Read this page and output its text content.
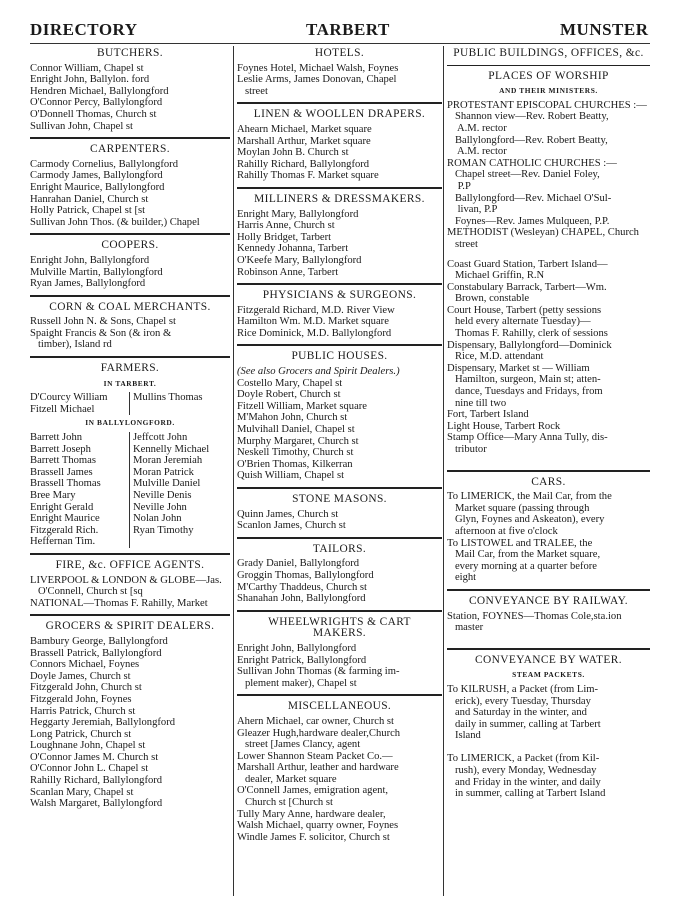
DIRECTORY	TARBERT	MUNSTER
BUTCHERS.
Connor William, Chapel st
Enright John, Ballylon. ford
Hendren Michael, Ballylongford
O'Connor Percy, Ballylongford
O'Donnell Thomas, Church st
Sullivan John, Chapel st
CARPENTERS.
Carmody Cornelius, Ballylongford
Carmody James, Ballylongford
Enright Maurice, Ballylongford
Hanrahan Daniel, Church st
Holly Patrick, Chapel st [st
Sullivan John Thos. (& builder,) Chapel
COOPERS.
Enright John, Ballylongford
Mulville Martin, Ballylongford
Ryan James, Ballylongford
CORN & COAL MERCHANTS.
Russell John N. & Sons, Chapel st
Spaight Francis & Son (& iron &
timber), Island rd
FARMERS.
IN TARBERT.
D'Courcy William
Fitzell Michael
Mullins Thomas
IN BALLYLONGFORD.
Barrett John
Barrett Joseph
Barrett Thomas
Brassell James
Brassell Thomas
Bree Mary
Enright Gerald
Enright Maurice
Fitzgerald Rich.
Heffernan Tim.
Jeffcott John
Kennelly Michael
Moran Jeremiah
Moran Patrick
Mulville Daniel
Neville Denis
Neville John
Nolan John
Ryan Timothy
FIRE, &c. OFFICE AGENTS.
LIVERPOOL & LONDON & GLOBE—Jas.
O'Connell, Church st [sq
NATIONAL—Thomas F. Rahilly, Market
GROCERS & SPIRIT DEALERS.
Bambury George, Ballylongford
Brassell Patrick, Ballylongford
Connors Michael, Foynes
Doyle James, Church st
Fitzgerald John, Church st
Fitzgerald John, Foynes
Harris Patrick, Church st
Heggarty Jeremiah, Ballylongford
Long Patrick, Church st
Loughnane John, Chapel st
O'Connor James M. Church st
O'Connor John L. Chapel st
Rahilly Richard, Ballylongford
Scanlan Mary, Chapel st
Walsh Margaret, Ballylongford
HOTELS.
Foynes Hotel, Michael Walsh, Foynes
Leslie Arms, James Donovan, Chapel
street
LINEN & WOOLLEN DRAPERS.
Ahearn Michael, Market square
Marshall Arthur, Market square
Moylan John B. Church st
Rahilly Richard, Ballylongford
Rahilly Thomas F. Market square
MILLINERS & DRESSMAKERS.
Enright Mary, Ballylongford
Harris Anne, Church st
Holly Bridget, Tarbert
Kennedy Johanna, Tarbert
O'Keefe Mary, Ballylongford
Robinson Anne, Tarbert
PHYSICIANS & SURGEONS.
Fitzgerald Richard, M.D. River View
Hamilton Wm. M.D. Market square
Rice Dominick, M.D. Ballylongford
PUBLIC HOUSES.
(See also Grocers and Spirit Dealers.)
Costello Mary, Chapel st
Doyle Robert, Church st
Fitzell William, Market square
M'Mahon John, Church st
Mulvihall Daniel, Chapel st
Murphy Margaret, Church st
Neskell Timothy, Church st
O'Brien Thomas, Kilkerran
Quish William, Chapel st
STONE MASONS.
Quinn James, Church st
Scanlon James, Church st
TAILORS.
Grady Daniel, Ballylongford
Groggin Thomas, Ballylongford
M'Carthy Thaddeus, Church st
Shanahan John, Ballylongford
WHEELWRIGHTS & CART
MAKERS.
Enright John, Ballylongford
Enright Patrick, Ballylongford
Sullivan John Thomas (& farming im-
plement maker), Chapel st
MISCELLANEOUS.
Ahern Michael, car owner, Church st
Gleazer Hugh,hardware dealer,Church
street [James Clancy, agent
Lower Shannon Steam Packet Co.—
Marshall Arthur, leather and hardware
dealer, Market square
O'Connell James, emigration agent,
Church st [Church st
Tully Mary Anne, hardware dealer,
Walsh Michael, quarry owner, Foynes
Windle James F. solicitor, Church st
PUBLIC BUILDINGS, OFFICES, &c.
PLACES OF WORSHIP
AND THEIR MINISTERS.
PROTESTANT EPISCOPAL CHURCHES :—
Shannon view—Rev. Robert Beatty,
A.M. rector
Ballylongford—Rev. Robert Beatty,
A.M. rector
ROMAN CATHOLIC CHURCHES :—
Chapel street—Rev. Daniel Foley,
P.P
Ballylongford—Rev. Michael O'Sul-
livan, P.P
Foynes—Rev. James Mulqueen, P.P.
METHODIST (Wesleyan) CHAPEL, Church
street
Coast Guard Station, Tarbert Island—
Michael Griffin, R.N
Constabulary Barrack, Tarbert—Wm.
Brown, constable
Court House, Tarbert (petty sessions
held every alternate Tuesday)—
Thomas F. Rahilly, clerk of sessions
Dispensary, Ballylongford—Dominick
Rice, M.D. attendant
Dispensary, Market st — William
Hamilton, surgeon, Main st; atten-
dance, Tuesdays and Fridays, from
nine till two
Fort, Tarbert Island
Light House, Tarbert Rock
Stamp Office—Mary Anna Tully, dis-
tributor
CARS.
To LIMERICK, the Mail Car, from the
Market square (passing through
Glyn, Foynes and Askeaton), every
afternoon at five o'clock
To LISTOWEL and TRALEE, the
Mail Car, from the Market square,
every morning at a quarter before
eight
CONVEYANCE BY RAILWAY.
Station, FOYNES—Thomas Cole,sta.ion
master
CONVEYANCE BY WATER.
STEAM PACKETS.
To KILRUSH, a Packet (from Lim-
erick), every Tuesday, Thursday
and Saturday in the winter, and
daily in summer, calling at Tarbert
Island

To LIMERICK, a Packet (from Kil-
rush), every Monday, Wednesday
and Friday in the winter, and daily
in summer, calling at Tarbert Island
